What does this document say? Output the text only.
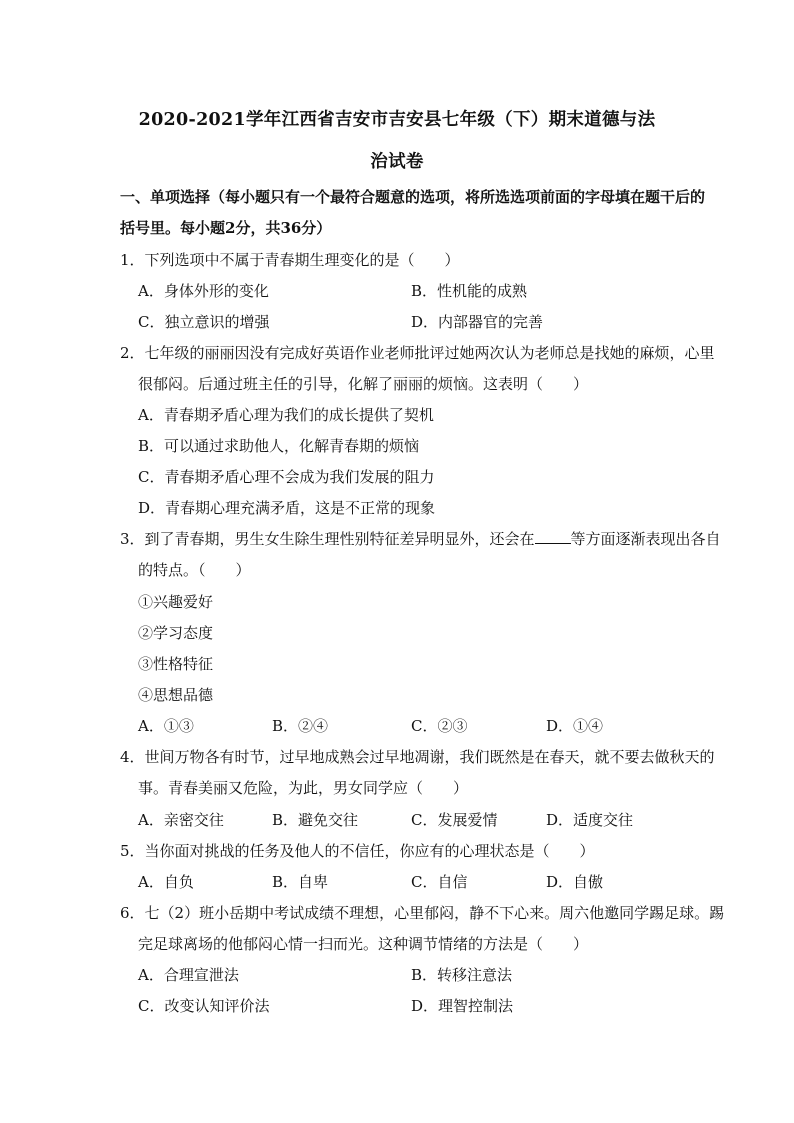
2020-2021学年江西省吉安市吉安县七年级（下）期末道德与法
治试卷
一、单项选择（每小题只有一个最符合题意的选项，将所选选项前面的字母填在题干后的
括号里。每小题2分，共36分）
1．下列选项中不属于青春期生理变化的是（　　）
A．身体外形的变化	B．性机能的成熟
C．独立意识的增强	D．内部器官的完善
2．七年级的丽丽因没有完成好英语作业老师批评过她两次认为老师总是找她的麻烦，心里
很郁闷。后通过班主任的引导，化解了丽丽的烦恼。这表明（　　）
A．青春期矛盾心理为我们的成长提供了契机
B．可以通过求助他人，化解青春期的烦恼
C．青春期矛盾心理不会成为我们发展的阻力
D．青春期心理充满矛盾，这是不正常的现象
3．到了青春期，男生女生除生理性别特征差异明显外，还会在 等方面逐渐表现出各自
的特点。（　　）
①兴趣爱好
②学习态度
③性格特征
④思想品德
A．①③	B．②④	C．②③	D．①④
4．世间万物各有时节，过早地成熟会过早地凋谢，我们既然是在春天，就不要去做秋天的
事。青春美丽又危险，为此，男女同学应（　　）
A．亲密交往	B．避免交往	C．发展爱情	D．适度交往
5．当你面对挑战的任务及他人的不信任，你应有的心理状态是（　　）
A．自负	B．自卑	C．自信	D．自傲
6．七（2）班小岳期中考试成绩不理想，心里郁闷，静不下心来。周六他邀同学踢足球。踢
完足球离场的他郁闷心情一扫而光。这种调节情绪的方法是（　　）
A．合理宣泄法	B．转移注意法
C．改变认知评价法	D．理智控制法
